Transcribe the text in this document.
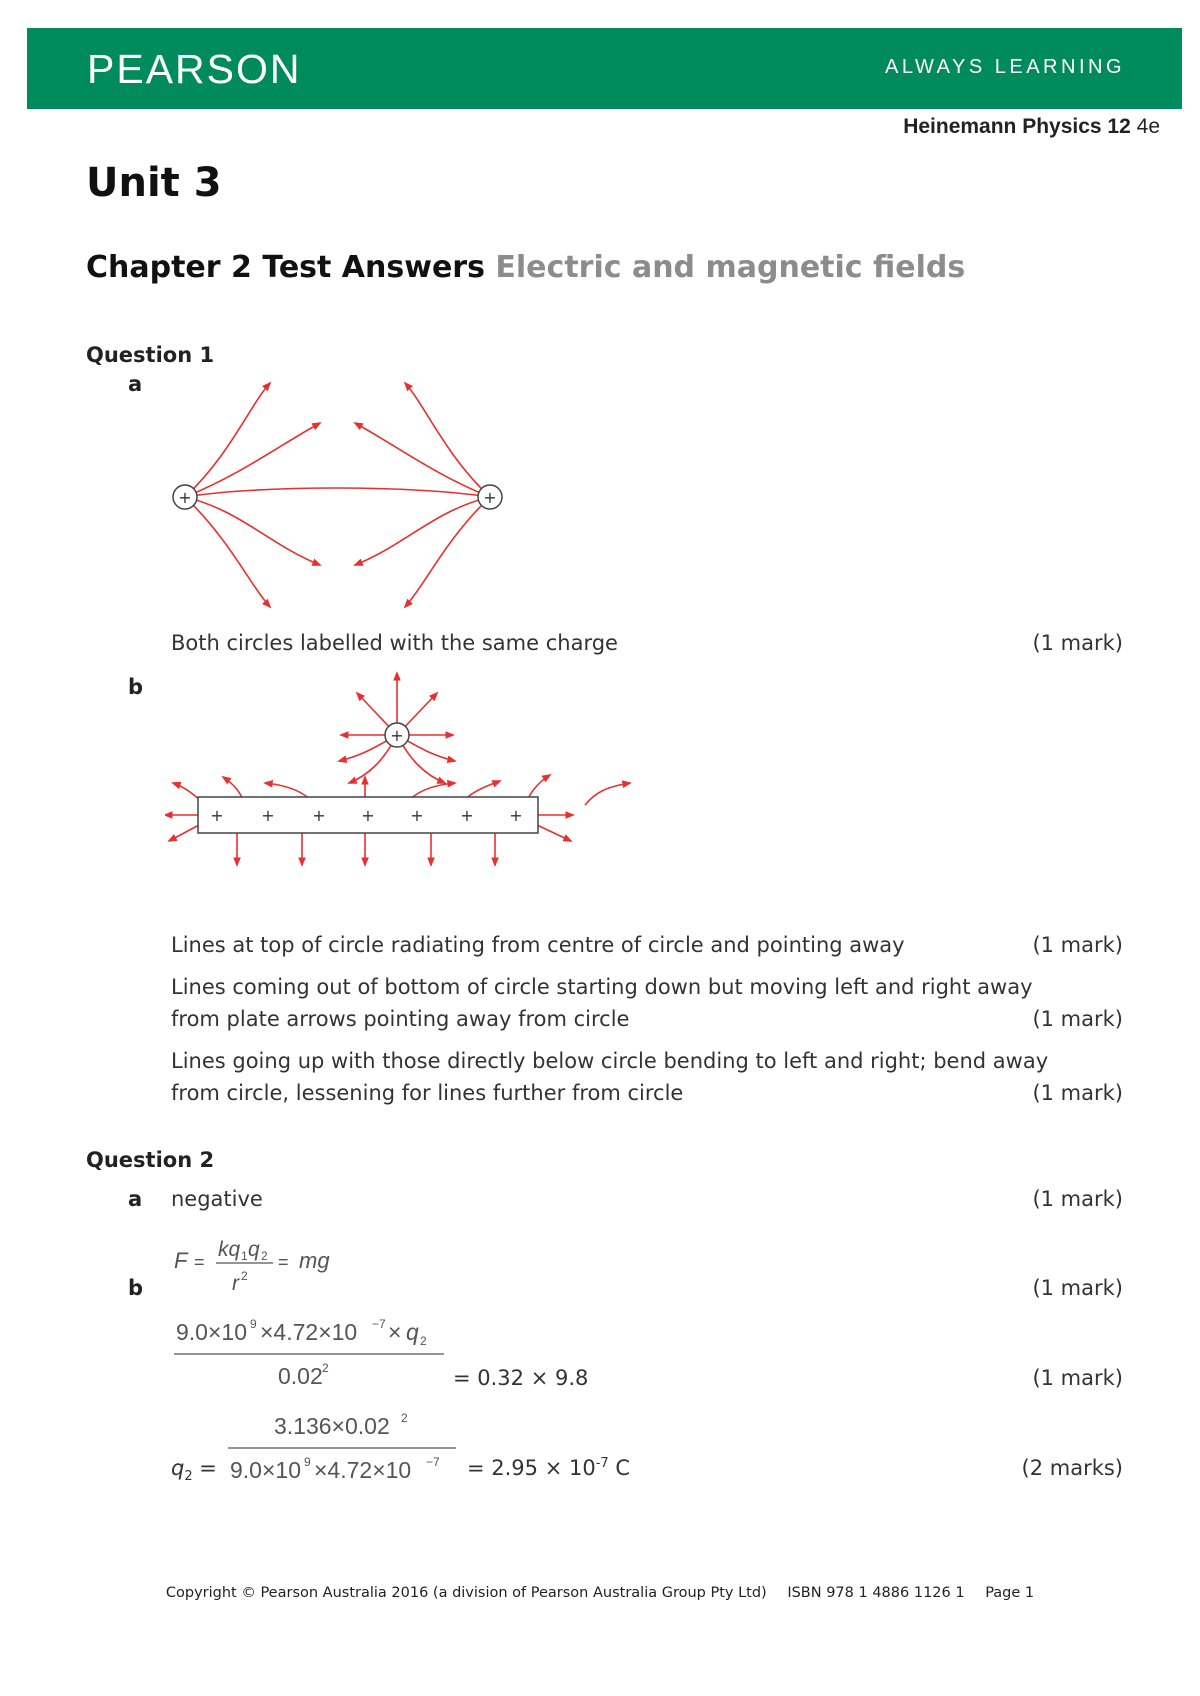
PEARSON	ALWAYS LEARNING
Heinemann Physics 12 4e
Unit 3
Chapter 2 Test Answers Electric and magnetic fields
Question 1
a
+	+
Both circles labelled with the same charge	(1 mark)
b
+
+ + + + + + +
Lines at top of circle radiating from centre of circle and pointing away	(1 mark)
Lines coming out of bottom of circle starting down but moving left and right away
from plate arrows pointing away from circle	(1 mark)
Lines going up with those directly below circle bending to left and right; bend away
from circle, lessening for lines further from circle	(1 mark)
Question 2
a negative	(1 mark)
F =
kq 1 q 2
r 2
= mg
b	(1 mark)
9.0×10 9 ×4.72×10 −7 × q 2
0.02 2	= 0.32 × 9.8	(1 mark)
$q_2$ =
3.136×0.02 2
9.0×10 $9 \times 4.72\times 10 -7 = 2.95 \times 10^{-7}$ C	(2 marks)
Copyright © Pearson Australia 2016 (a division of Pearson Australia Group Pty Ltd) ISBN 978 1 4886 1126 1 Page 1
